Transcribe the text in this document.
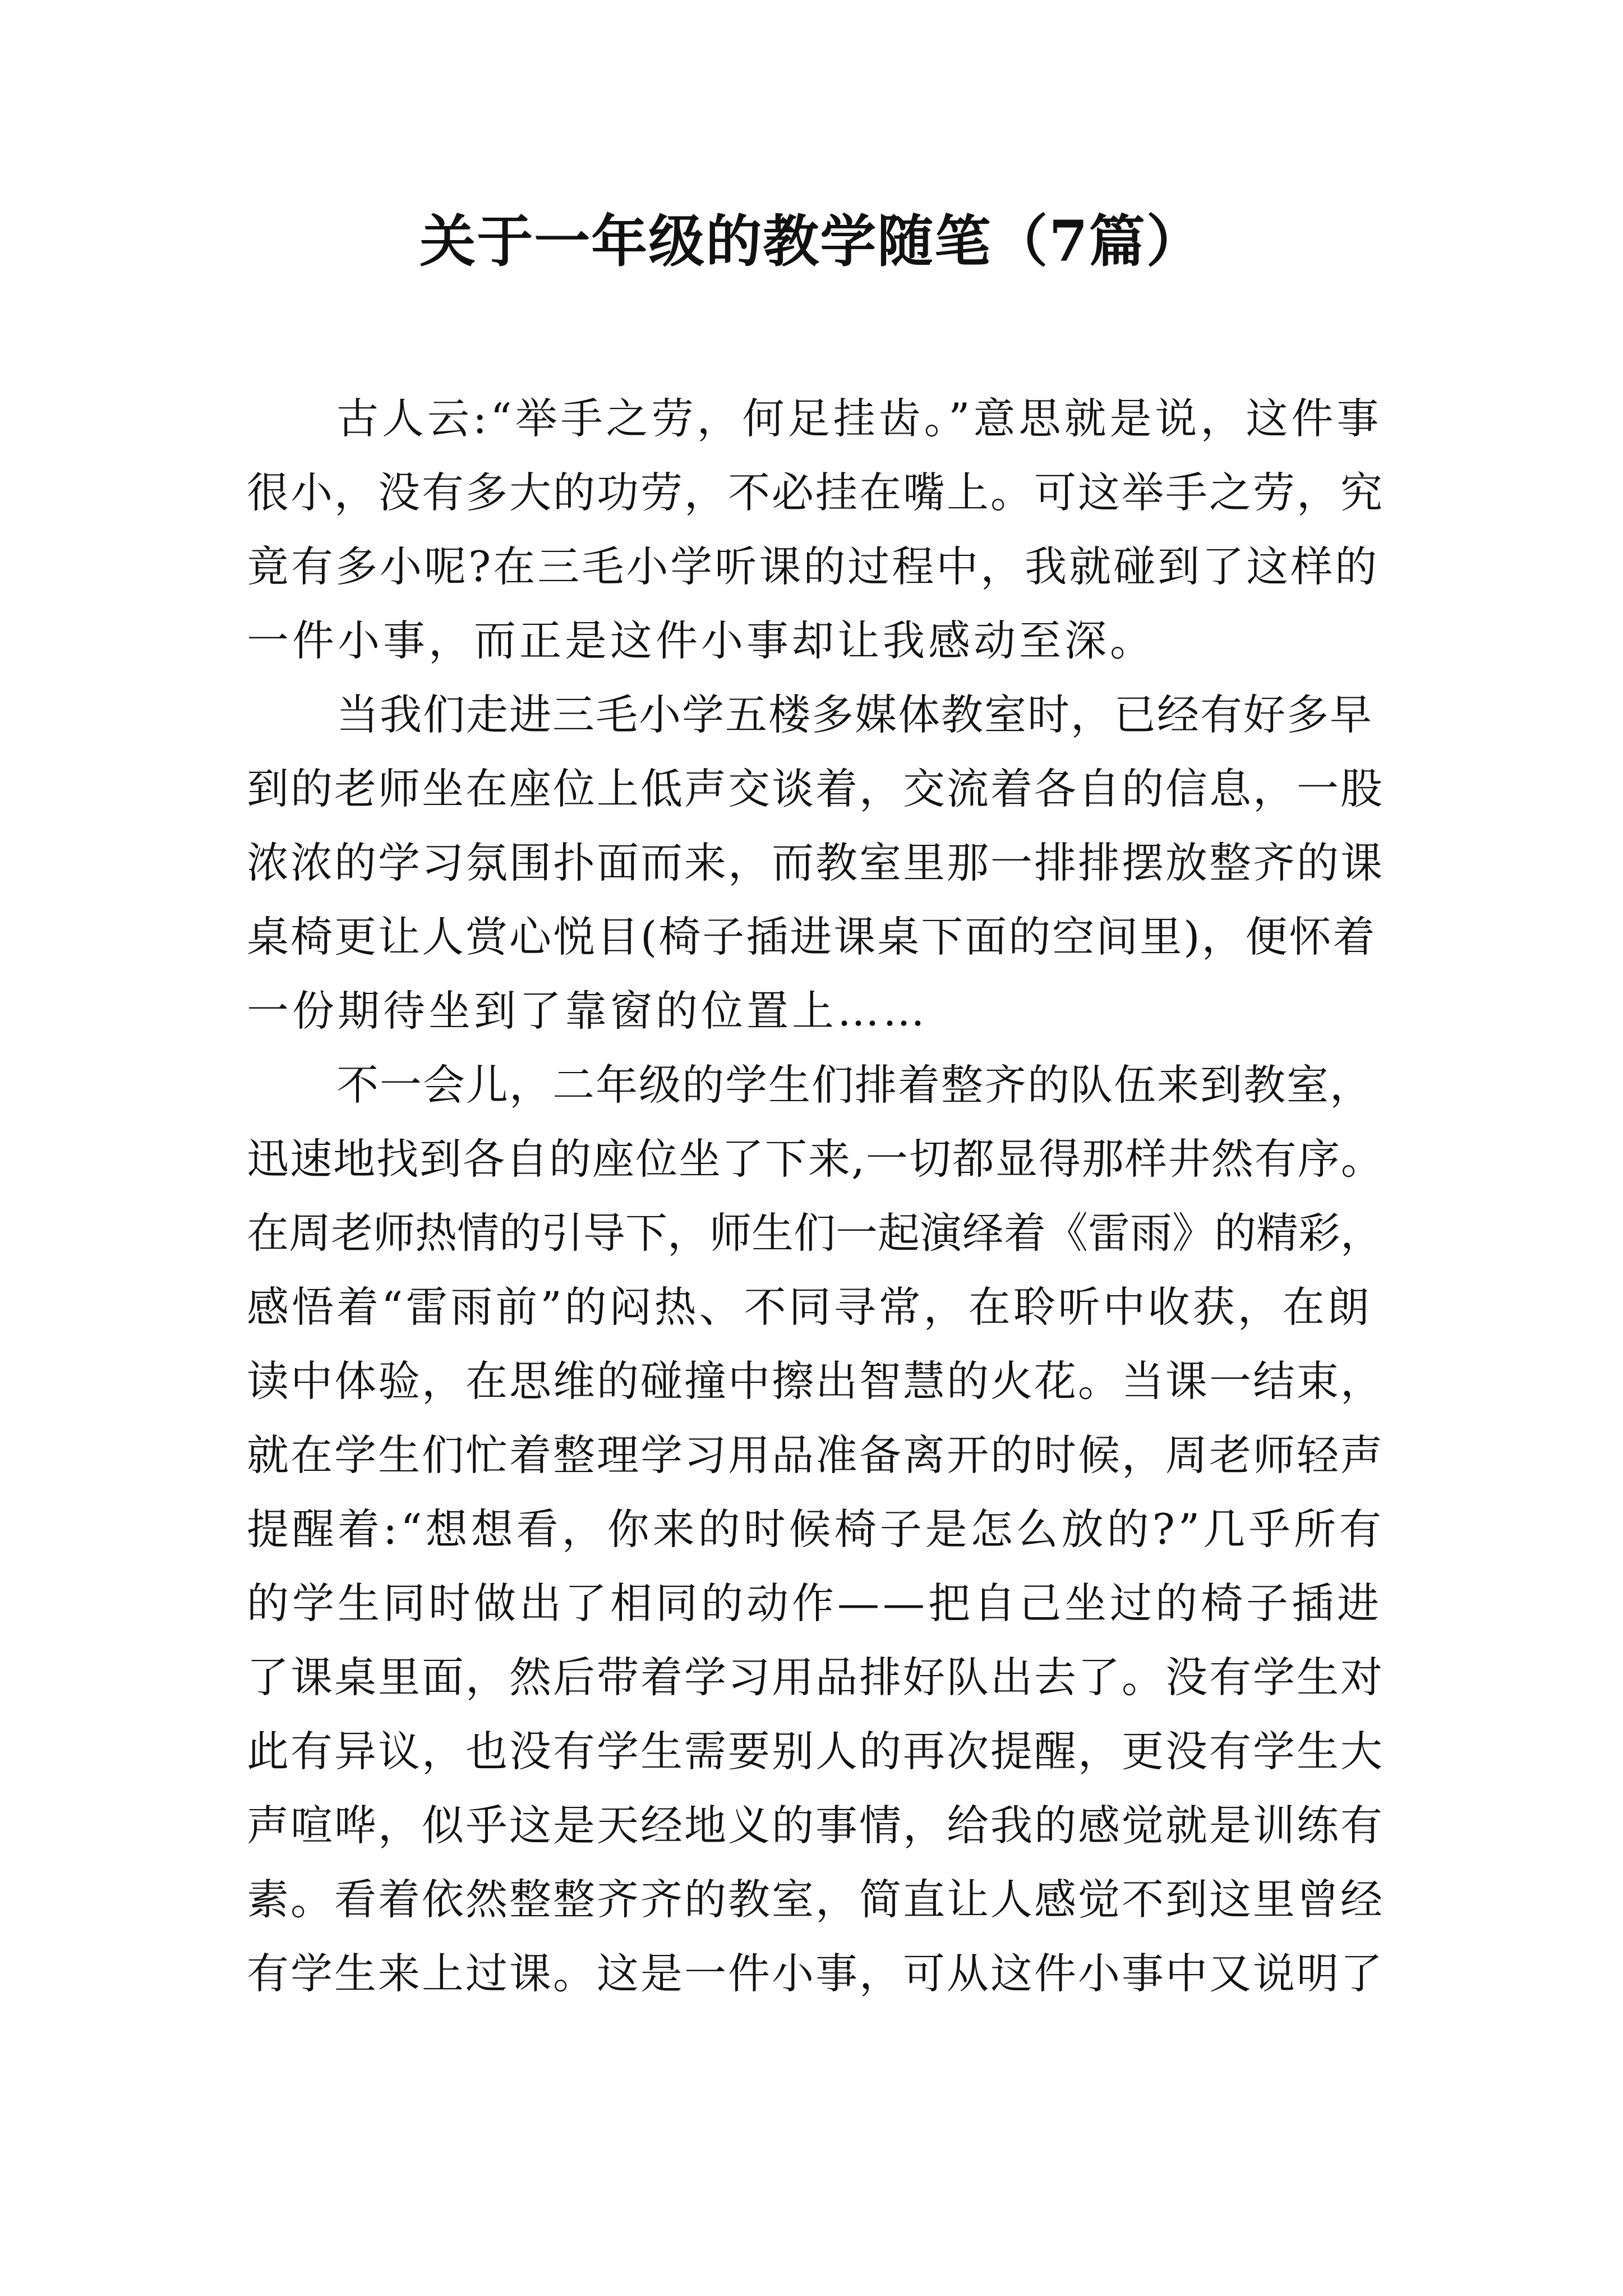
关于一年级的教学随笔（7篇）
古人云:“举手之劳，何足挂齿。”意思就是说，这件事
很小，没有多大的功劳，不必挂在嘴上。可这举手之劳，究
竟有多小呢?在三毛小学听课的过程中，我就碰到了这样的
一件小事，而正是这件小事却让我感动至深。
当我们走进三毛小学五楼多媒体教室时，已经有好多早
到的老师坐在座位上低声交谈着，交流着各自的信息，一股
浓浓的学习氛围扑面而来，而教室里那一排排摆放整齐的课
桌椅更让人赏心悦目(椅子插进课桌下面的空间里)，便怀着
一份期待坐到了靠窗的位置上……
不一会儿，二年级的学生们排着整齐的队伍来到教室，
迅速地找到各自的座位坐了下来,一切都显得那样井然有序。
在周老师热情的引导下，师生们一起演绎着《雷雨》的精彩，
感悟着“雷雨前”的闷热、不同寻常，在聆听中收获，在朗
读中体验，在思维的碰撞中擦出智慧的火花。当课一结束，
就在学生们忙着整理学习用品准备离开的时候，周老师轻声
提醒着:“想想看，你来的时候椅子是怎么放的?”几乎所有
的学生同时做出了相同的动作——把自己坐过的椅子插进
了课桌里面，然后带着学习用品排好队出去了。没有学生对
此有异议，也没有学生需要别人的再次提醒，更没有学生大
声喧哗，似乎这是天经地义的事情，给我的感觉就是训练有
素。看着依然整整齐齐的教室，简直让人感觉不到这里曾经
有学生来上过课。这是一件小事，可从这件小事中又说明了
